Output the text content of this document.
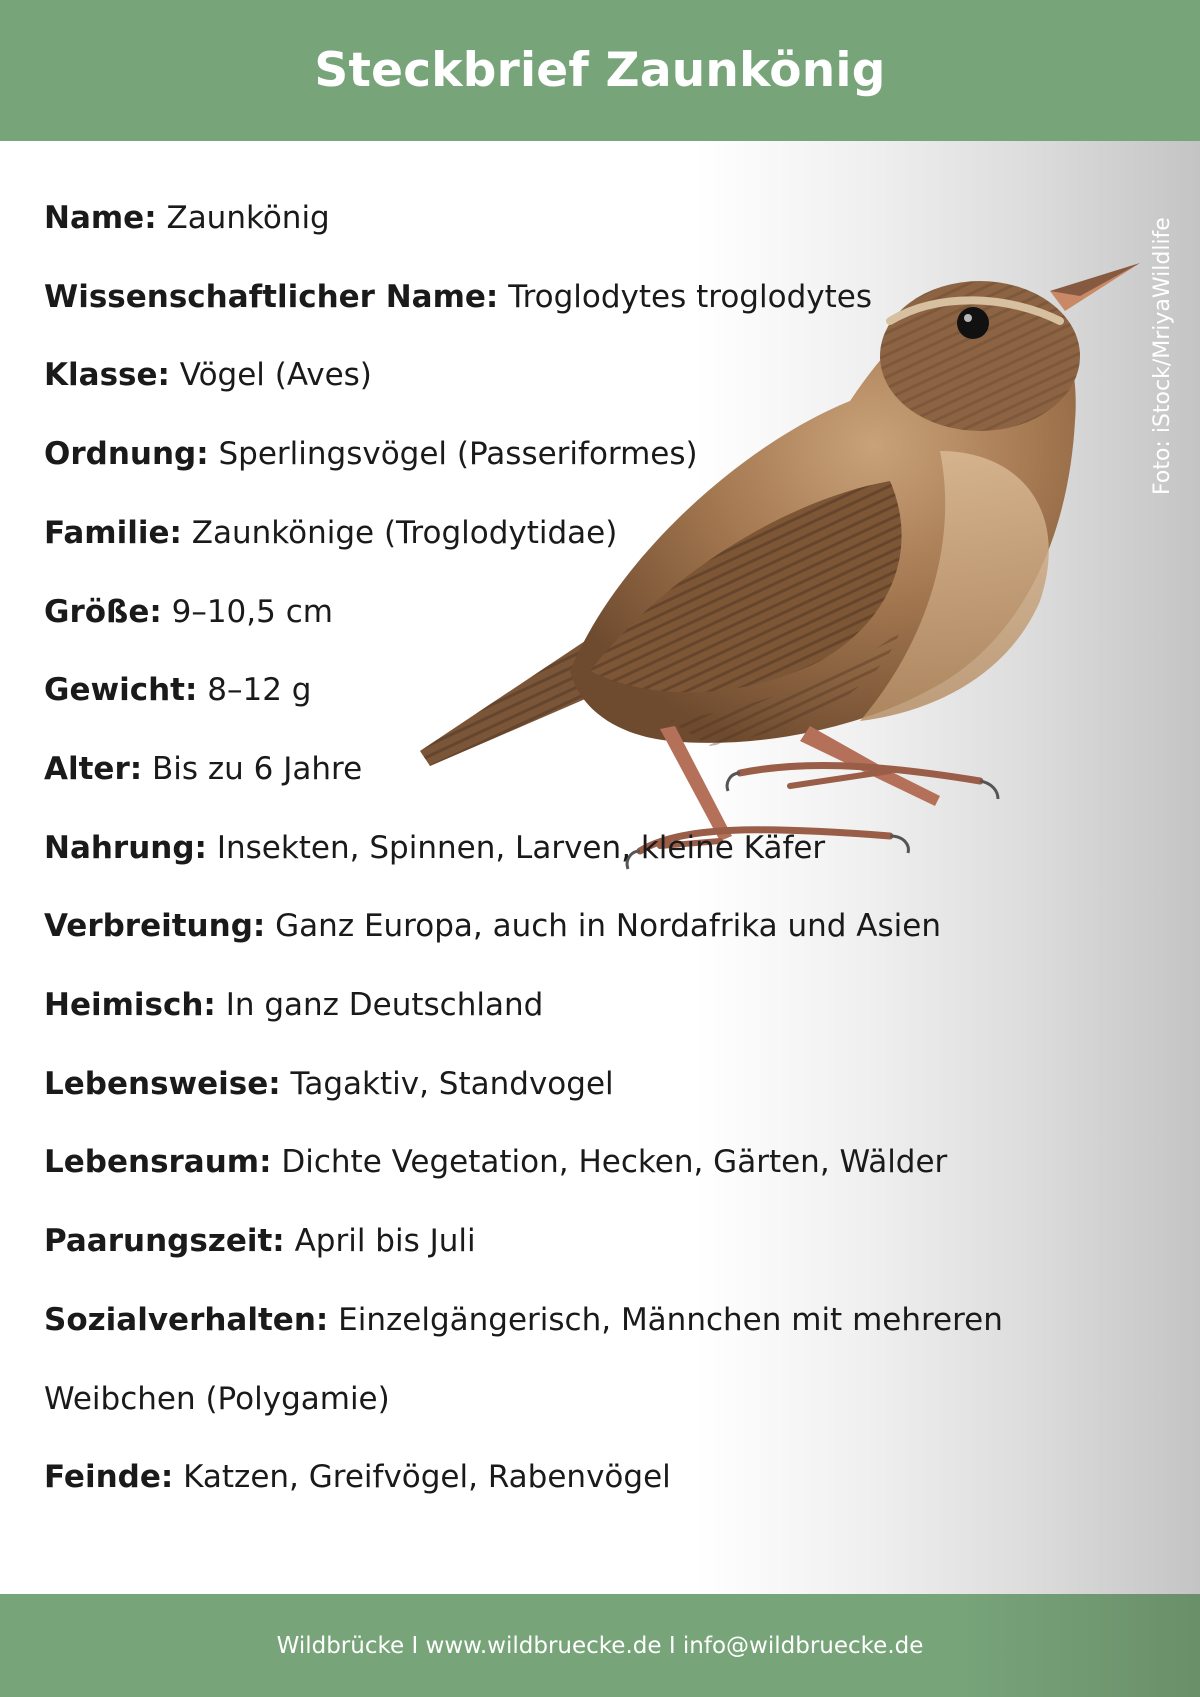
Steckbrief Zaunkönig
Name: Zaunkönig
Wissenschaftlicher Name: Troglodytes troglodytes
Klasse: Vögel (Aves)
Ordnung: Sperlingsvögel (Passeriformes)
Familie: Zaunkönige (Troglodytidae)
Größe: 9–10,5 cm
Gewicht: 8–12 g
Alter: Bis zu 6 Jahre
Nahrung: Insekten, Spinnen, Larven, kleine Käfer
Verbreitung: Ganz Europa, auch in Nordafrika und Asien
Heimisch: In ganz Deutschland
Lebensweise: Tagaktiv, Standvogel
Lebensraum: Dichte Vegetation, Hecken, Gärten, Wälder
Paarungszeit: April bis Juli
Sozialverhalten: Einzelgängerisch, Männchen mit mehreren Weibchen (Polygamie)
Feinde: Katzen, Greifvögel, Rabenvögel
Foto: iStock/MriyaWildlife

Wildbrücke I www.wildbruecke.de I info@wildbruecke.de
